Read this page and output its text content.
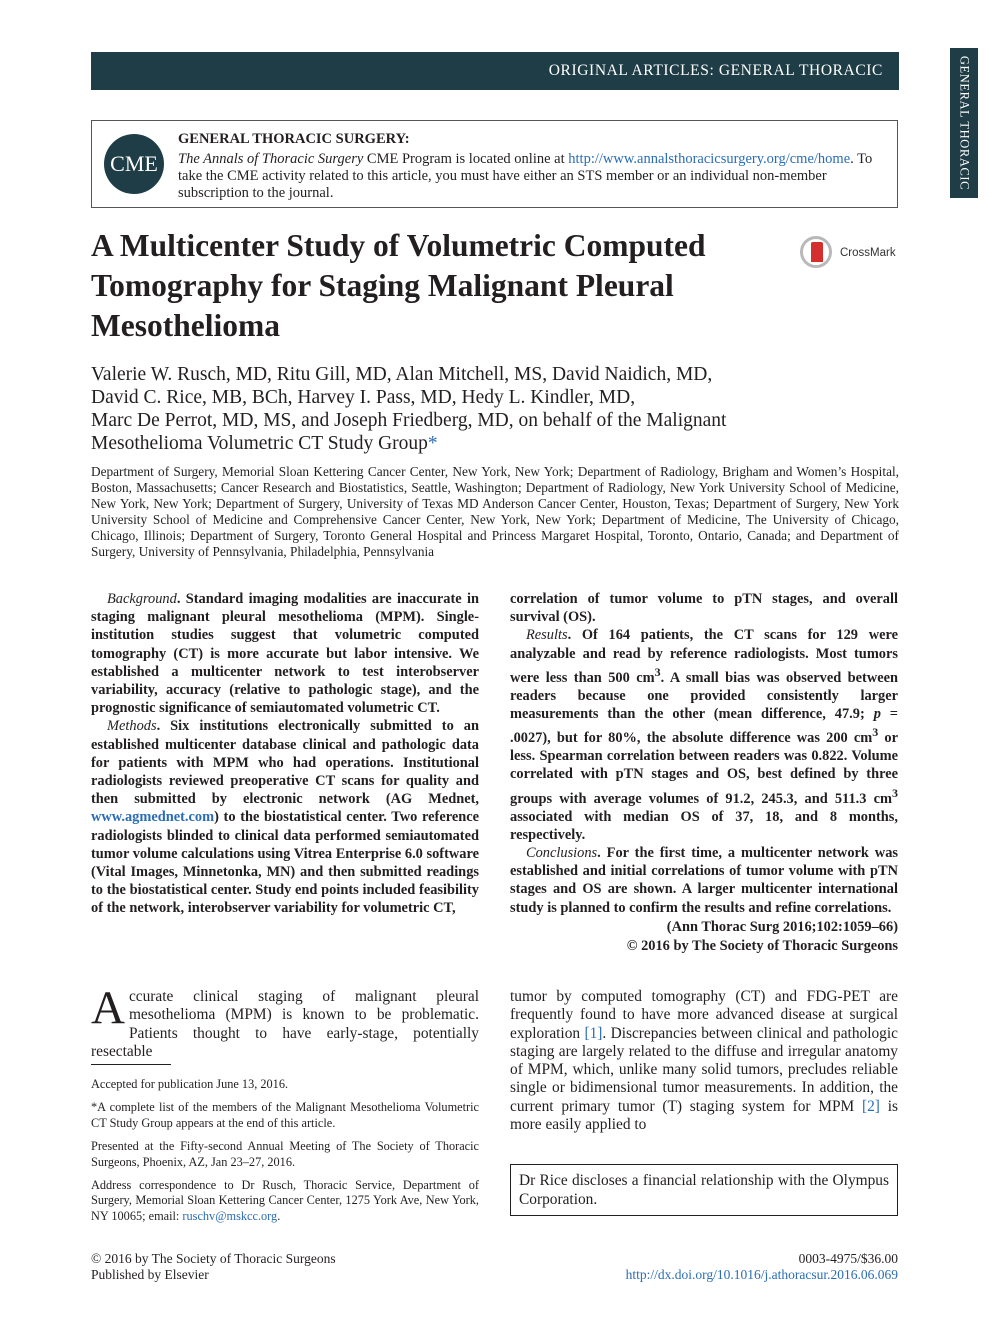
ORIGINAL ARTICLES: GENERAL THORACIC	GENERAL THORACIC
CME
GENERAL THORACIC SURGERY:
The Annals of Thoracic Surgery CME Program is located online at http://www.annalsthoracicsurgery.org/cme/home. To take the CME activity related to this article, you must have either an STS member or an individual non-member subscription to the journal.
A Multicenter Study of Volumetric Computed Tomography for Staging Malignant Pleural Mesothelioma
CrossMark
Valerie W. Rusch, MD, Ritu Gill, MD, Alan Mitchell, MS, David Naidich, MD,
David C. Rice, MB, BCh, Harvey I. Pass, MD, Hedy L. Kindler, MD,
Marc De Perrot, MD, MS, and Joseph Friedberg, MD, on behalf of the Malignant
Mesothelioma Volumetric CT Study Group*
Department of Surgery, Memorial Sloan Kettering Cancer Center, New York, New York; Department of Radiology, Brigham and Women’s Hospital, Boston, Massachusetts; Cancer Research and Biostatistics, Seattle, Washington; Department of Radiology, New York University School of Medicine, New York, New York; Department of Surgery, University of Texas MD Anderson Cancer Center, Houston, Texas; Department of Surgery, New York University School of Medicine and Comprehensive Cancer Center, New York, New York; Department of Medicine, The University of Chicago, Chicago, Illinois; Department of Surgery, Toronto General Hospital and Princess Margaret Hospital, Toronto, Ontario, Canada; and Department of Surgery, University of Pennsylvania, Philadelphia, Pennsylvania

Background. Standard imaging modalities are inaccurate in staging malignant pleural mesothelioma (MPM). Single-institution studies suggest that volumetric computed tomography (CT) is more accurate but labor intensive. We established a multicenter network to test interobserver variability, accuracy (relative to pathologic stage), and the prognostic significance of semiautomated volumetric CT.

Methods. Six institutions electronically submitted to an established multicenter database clinical and pathologic data for patients with MPM who had operations. Institutional radiologists reviewed preoperative CT scans for quality and then submitted by electronic network (AG Mednet, www.agmednet.com) to the biostatistical center. Two reference radiologists blinded to clinical data performed semiautomated tumor volume calculations using Vitrea Enterprise 6.0 software (Vital Images, Minnetonka, MN) and then submitted readings to the biostatistical center. Study end points included feasibility of the network, interobserver variability for volumetric CT,

correlation of tumor volume to pTN stages, and overall survival (OS).

Results. Of 164 patients, the CT scans for 129 were analyzable and read by reference radiologists. Most tumors were less than 500 $cm^3$. A small bias was observed between readers because one provided consistently larger measurements than the other (mean difference, 47.9; p = .0027), but for 80%, the absolute difference was 200 $cm^3$ or less. Spearman correlation between readers was 0.822. Volume correlated with pTN stages and OS, best defined by three groups with average volumes of 91.2, 245.3, and 511.3 $cm^3$ associated with median OS of 37, 18, and 8 months, respectively.

Conclusions. For the first time, a multicenter network was established and initial correlations of tumor volume with pTN stages and OS are shown. A larger multicenter international study is planned to confirm the results and refine correlations.

(Ann Thorac Surg 2016;102:1059–66)
© 2016 by The Society of Thoracic Surgeons
Accurate clinical staging of malignant pleural mesothelioma (MPM) is known to be problematic. Patients thought to have early-stage, potentially resectable
tumor by computed tomography (CT) and FDG-PET are frequently found to have more advanced disease at surgical exploration [1]. Discrepancies between clinical and pathologic staging are largely related to the diffuse and irregular anatomy of MPM, which, unlike many solid tumors, precludes reliable single or bidimensional tumor measurements. In addition, the current primary tumor (T) staging system for MPM [2] is more easily applied to

Accepted for publication June 13, 2016.

*A complete list of the members of the Malignant Mesothelioma Volumetric CT Study Group appears at the end of this article.

Presented at the Fifty-second Annual Meeting of The Society of Thoracic Surgeons, Phoenix, AZ, Jan 23–27, 2016.

Address correspondence to Dr Rusch, Thoracic Service, Department of Surgery, Memorial Sloan Kettering Cancer Center, 1275 York Ave, New York, NY 10065; email: ruschv@mskcc.org.

Dr Rice discloses a financial relationship with the Olympus Corporation.
© 2016 by The Society of Thoracic Surgeons
Published by Elsevier
0003-4975/$36.00
http://dx.doi.org/10.1016/j.athoracsur.2016.06.069
